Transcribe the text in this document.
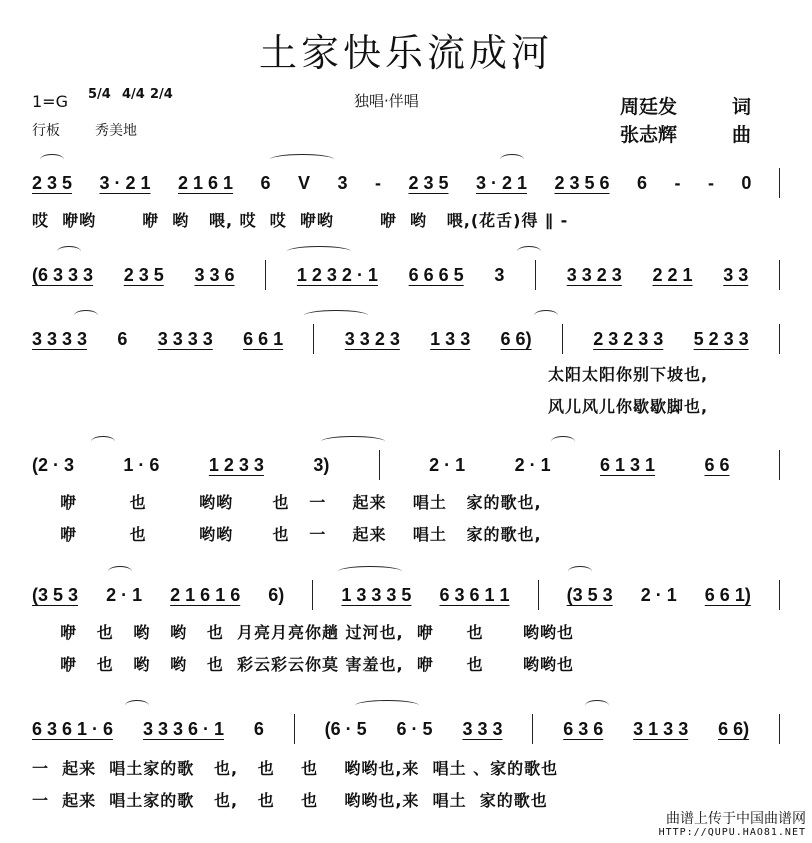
土家快乐流成河
1=G 5/4 4/4 2/4
行板	秀美地
独唱·伴唱	周廷发	词
张志辉	曲
2 3 5 3 · 2 1 2 1 6 1 6 V 3 - 2 3 5 3 · 2 1 2 3 5 6 6 - - 0
哎  咿哟       咿  哟   喂, 哎  哎  咿哟       咿  哟   喂,(花舌)得 ∥ -
(6 3 3 3 2 3 5 3 3 6	1 2 3 2 · 1 6 6 6 5 3	3 3 2 3 2 2 1 3 3
3 3 3 3 6 3 3 3 3 6 6 1	3 3 2 3 1 3 3 6 6)	2 3 2 3 3 5 2 3 3
太阳太阳你别下坡也,
风儿风儿你歇歇脚也,
(2 · 3	1 · 6	1 2 3 3	3)	2 · 1	2 · 1	6 1 3 1	6 6
咿        也        哟哟      也   一    起来    唱土   家的歌也,
咿        也        哟哟      也   一    起来    唱土   家的歌也,
(3 5 3 2 · 1 2 1 6 1 6 6)	1 3 3 3 5 6 3 6 1 1	(3 5 3 2 · 1 6 6 1)
咿   也   哟   哟   也  月亮月亮你趟 过河也,  咿     也      哟哟也
咿   也   哟   哟   也  彩云彩云你莫 害羞也,  咿     也      哟哟也
6 3 6 1 · 6 3 3 3 6 · 1 6	(6 · 5 6 · 5 3 3 3	6 3 6 3 1 3 3 6 6)
一  起来  唱土家的歌   也,   也    也    哟哟也,来  唱土 、家的歌也
一  起来  唱土家的歌   也,   也    也    哟哟也,来  唱土  家的歌也
曲谱上传于中国曲谱网
HTTP://QUPU.HAO81.NET
